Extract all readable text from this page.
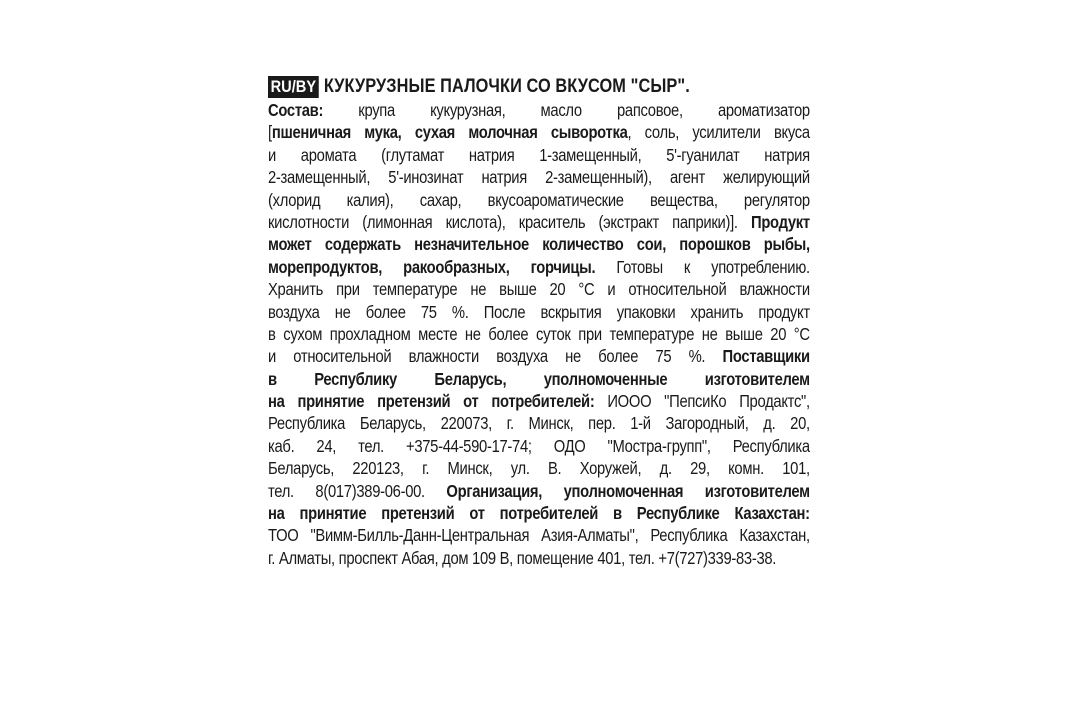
RU/BY КУКУРУЗНЫЕ ПАЛОЧКИ СО ВКУСОМ "СЫР".
Состав: крупа кукурузная, масло рапсовое, ароматизатор
[пшеничная мука, сухая молочная сыворотка, соль, усилители вкуса
и аромата (глутамат натрия 1-замещенный, 5'-гуанилат натрия
2-замещенный, 5'-инозинат натрия 2-замещенный), агент желирующий
(хлорид калия), сахар, вкусоароматические вещества, регулятор
кислотности (лимонная кислота), краситель (экстракт паприки)]. Продукт
может содержать незначительное количество сои, порошков рыбы,
морепродуктов, ракообразных, горчицы. Готовы к употреблению.
Хранить при температуре не выше 20 °С и относительной влажности
воздуха не более 75 %. После вскрытия упаковки хранить продукт
в сухом прохладном месте не более суток при температуре не выше 20 °С
и относительной влажности воздуха не более 75 %. Поставщики
в Республику Беларусь, уполномоченные изготовителем
на принятие претензий от потребителей: ИООО "ПепсиКо Продактс",
Республика Беларусь, 220073, г. Минск, пер. 1-й Загородный, д. 20,
каб. 24, тел. +375-44-590-17-74; ОДО "Мостра-групп", Республика
Беларусь, 220123, г. Минск, ул. В. Хоружей, д. 29, комн. 101,
тел. 8(017)389-06-00. Организация, уполномоченная изготовителем
на принятие претензий от потребителей в Республике Казахстан:
ТОО "Вимм-Билль-Данн-Центральная Азия-Алматы", Республика Казахстан,
г. Алматы, проспект Абая, дом 109 В, помещение 401, тел. +7(727)339-83-38.
